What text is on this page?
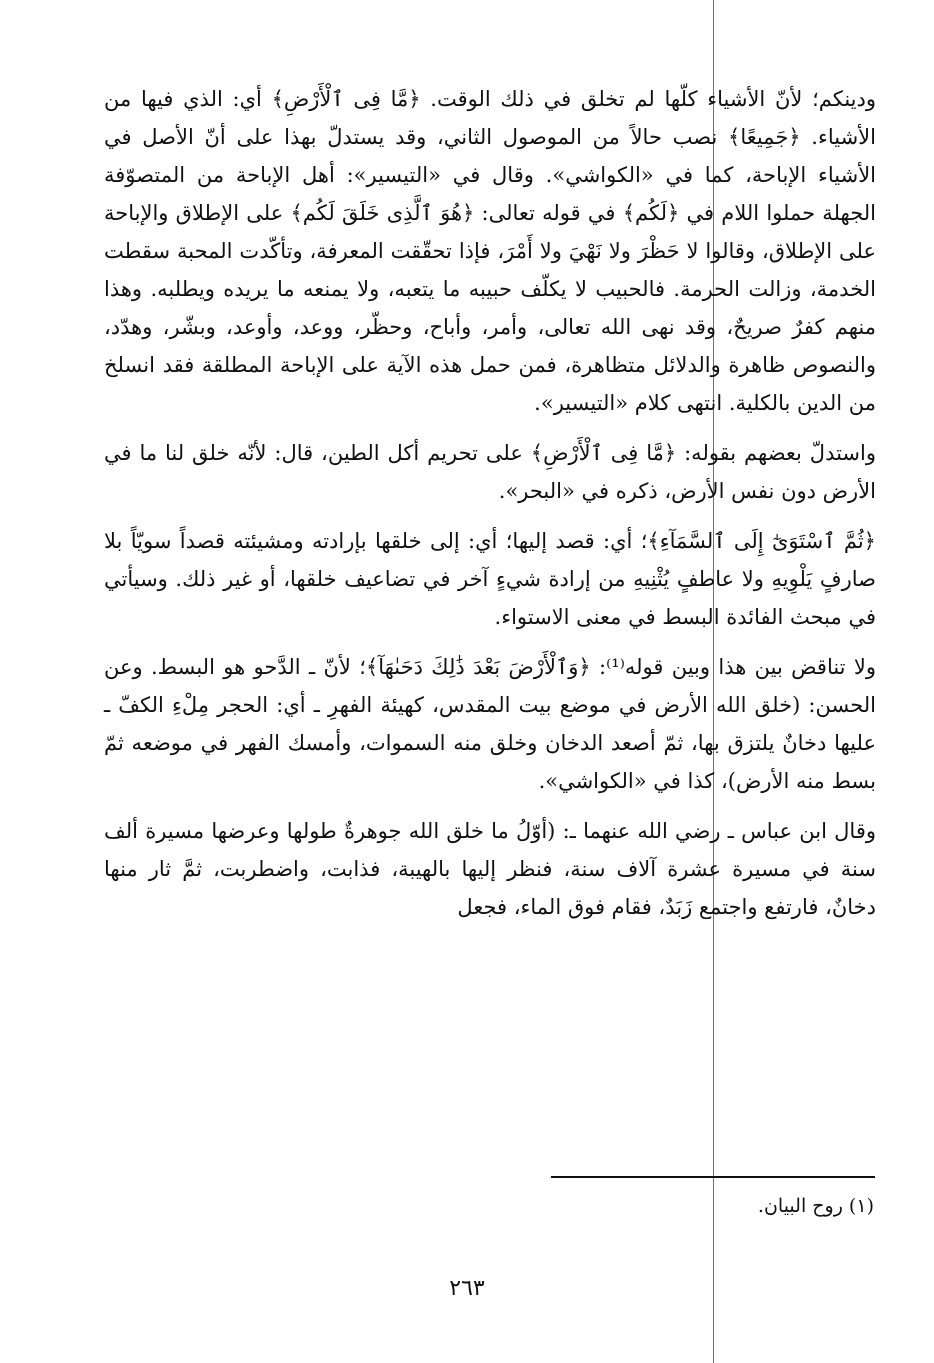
ودينكم؛ لأنّ الأشياء كلّها لم تخلق في ذلك الوقت. ﴿مَّا فِى ٱلْأَرْضِ﴾ أي: الذي فيها من الأشياء. ﴿جَمِيعًا﴾ نصب حالاً من الموصول الثاني، وقد يستدلّ بهذا على أنّ الأصل في الأشياء الإباحة، كما في «الكواشي». وقال في «التيسير»: أهل الإباحة من المتصوّفة الجهلة حملوا اللام في ﴿لَكُم﴾ في قوله تعالى: ﴿هُوَ ٱلَّذِى خَلَقَ لَكُم﴾ على الإطلاق والإباحة على الإطلاق، وقالوا لا حَظْرَ ولا نَهْيَ ولا أَمْرَ، فإذا تحقّقت المعرفة، وتأكّدت المحبة سقطت الخدمة، وزالت الحرمة. فالحبيب لا يكلّف حبيبه ما يتعبه، ولا يمنعه ما يريده ويطلبه. وهذا منهم كفرٌ صريحٌ، وقد نهى الله تعالى، وأمر، وأباح، وحظّر، ووعد، وأوعد، وبشّر، وهدّد، والنصوص ظاهرة والدلائل متظاهرة، فمن حمل هذه الآية على الإباحة المطلقة فقد انسلخ من الدين بالكلية. انتهى كلام «التيسير».

واستدلّ بعضهم بقوله: ﴿مَّا فِى ٱلْأَرْضِ﴾ على تحريم أكل الطين، قال: لأنّه خلق لنا ما في الأرض دون نفس الأرض، ذكره في «البحر».

﴿ثُمَّ ٱسْتَوَىٰٓ إِلَى ٱلسَّمَآءِ﴾؛ أي: قصد إليها؛ أي: إلى خلقها بإرادته ومشيئته قصداً سويّاً بلا صارفٍ يَلْوِيهِ ولا عاطفٍ يُثْنِيهِ من إرادة شيءٍ آخر في تضاعيف خلقها، أو غير ذلك. وسيأتي في مبحث الفائدة البسط في معنى الاستواء.

ولا تناقض بين هذا وبين قوله⁽¹⁾: ﴿وَٱلْأَرْضَ بَعْدَ ذَٰلِكَ دَحَىٰهَآ﴾؛ لأنّ ـ الدَّحو هو البسط. وعن الحسن: (خلق الله الأرض في موضع بيت المقدس، كهيئة الفهرِ ـ أي: الحجر مِلْءِ الكفّ ـ عليها دخانٌ يلتزق بها، ثمّ أصعد الدخان وخلق منه السموات، وأمسك الفهر في موضعه ثمّ بسط منه الأرض)، كذا في «الكواشي».

وقال ابن عباس ـ رضي الله عنهما ـ: (أوّلُ ما خلق الله جوهرةٌ طولها وعرضها مسيرة ألف سنة في مسيرة عشرة آلاف سنة، فنظر إليها بالهيبة، فذابت، واضطربت، ثمَّ ثار منها دخانٌ، فارتفع واجتمع زَبَدٌ، فقام فوق الماء، فجعل

(١) روح البيان.
٢٦٣
